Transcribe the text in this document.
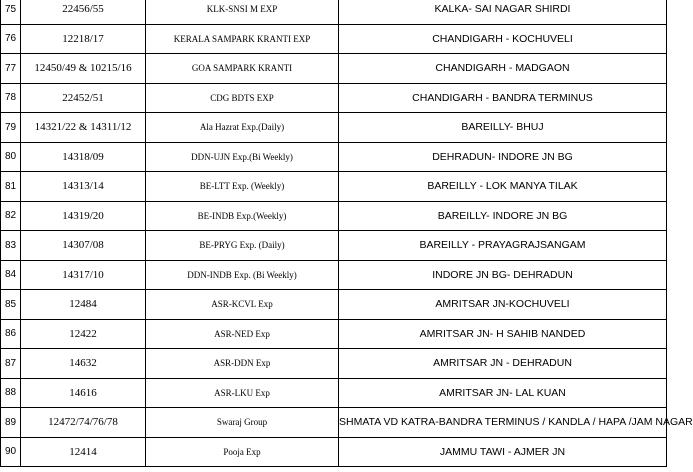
75	22456/55	KLK-SNSI M EXP	KALKA- SAI NAGAR SHIRDI
76	12218/17	KERALA SAMPARK KRANTI EXP	CHANDIGARH - KOCHUVELI
77	12450/49 & 10215/16	GOA SAMPARK KRANTI	CHANDIGARH - MADGAON
78	22452/51	CDG BDTS EXP	CHANDIGARH - BANDRA TERMINUS
79	14321/22 & 14311/12	Ala Hazrat Exp.(Daily)	BAREILLY- BHUJ
80	14318/09	DDN-UJN Exp.(Bi Weekly)	DEHRADUN- INDORE JN BG
81	14313/14	BE-LTT Exp. (Weekly)	BAREILLY - LOK MANYA TILAK
82	14319/20	BE-INDB Exp.(Weekly)	BAREILLY- INDORE JN BG
83	14307/08	BE-PRYG Exp. (Daily)	BAREILLY - PRAYAGRAJSANGAM
84	14317/10	DDN-INDB Exp. (Bi Weekly)	INDORE JN BG- DEHRADUN
85	12484	ASR-KCVL Exp	AMRITSAR JN-KOCHUVELI
86	12422	ASR-NED Exp	AMRITSAR JN- H SAHIB NANDED
87	14632	ASR-DDN Exp	AMRITSAR JN - DEHRADUN
88	14616	ASR-LKU Exp	AMRITSAR JN- LAL KUAN
89	12472/74/76/78	Swaraj Group	SHMATA VD KATRA-BANDRA TERMINUS / KANDLA / HAPA /JAM NAGAR
90	12414	Pooja Exp	JAMMU TAWI - AJMER JN
